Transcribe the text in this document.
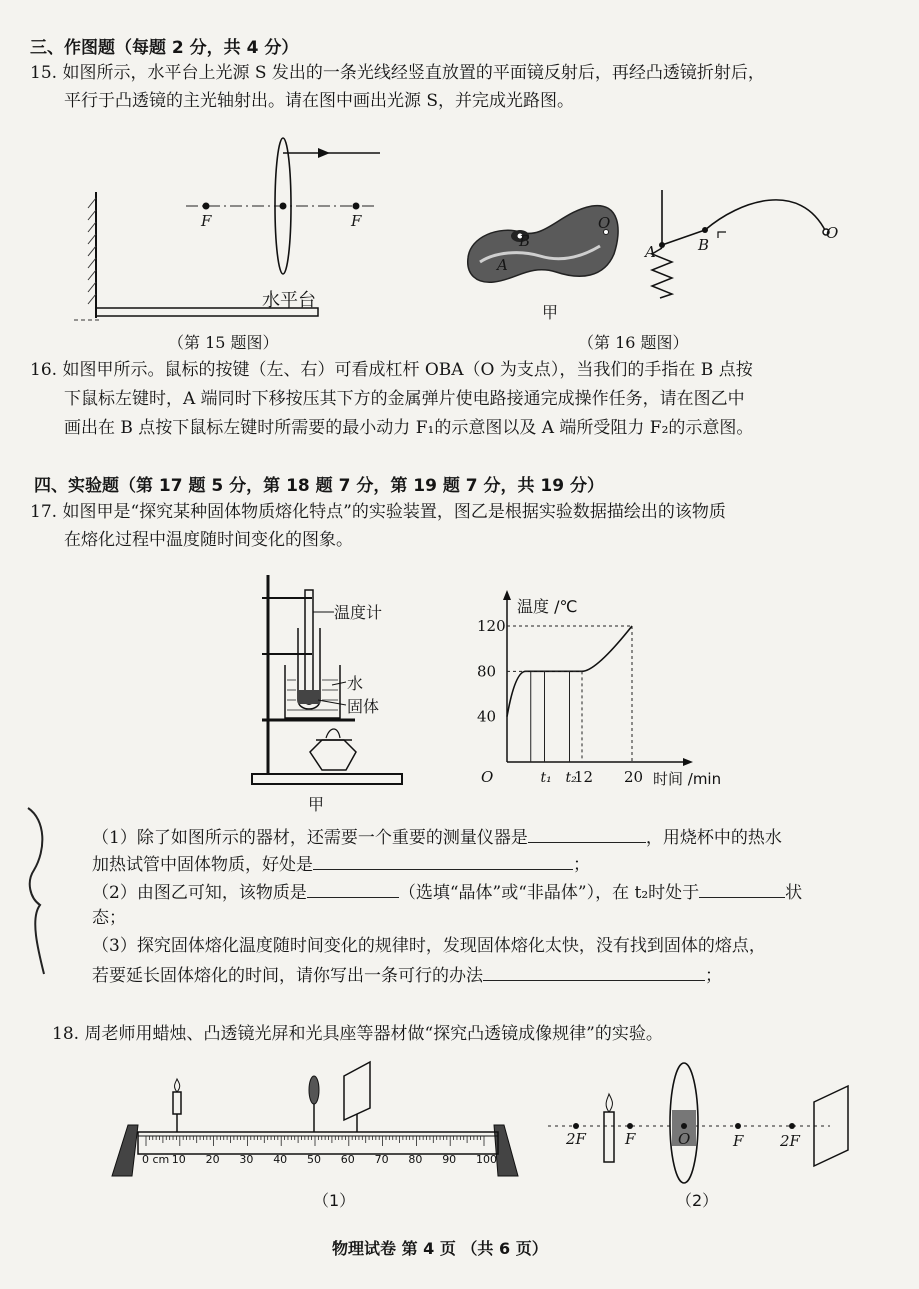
三、作图题（每题 2 分，共 4 分）
15. 如图所示，水平台上光源 S 发出的一条光线经竖直放置的平面镜反射后，再经凸透镜折射后，
平行于凸透镜的主光轴射出。请在图中画出光源 S，并完成光路图。
F	F
水平台
（第 15 题图）
A
B
O
甲
A	B
O
（第 16 题图）
16. 如图甲所示。鼠标的按键（左、右）可看成杠杆 OBA（O 为支点），当我们的手指在 B 点按
下鼠标左键时，A 端同时下移按压其下方的金属弹片使电路接通完成操作任务，请在图乙中
画出在 B 点按下鼠标左键时所需要的最小动力 F₁的示意图以及 A 端所受阻力 F₂的示意图。
四、实验题（第 17 题 5 分，第 18 题 7 分，第 19 题 7 分，共 19 分）
17. 如图甲是“探究某种固体物质熔化特点”的实验装置，图乙是根据实验数据描绘出的该物质
在熔化过程中温度随时间变化的图象。
温度计
水
固体
甲
O
40
80
120
t₁ t₂
12 20
温度 /℃
时间 /min
（1）除了如图所示的器材，还需要一个重要的测量仪器是	，用烧杯中的热水
加热试管中固体物质，好处是	；
（2）由图乙可知，该物质是	（选填“晶体”或“非晶体”），在 t₂时处于	状
态；
（3）探究固体熔化温度随时间变化的规律时，发现固体熔化太快，没有找到固体的熔点，
若要延长固体熔化的时间，请你写出一条可行的办法	；
18. 周老师用蜡烛、凸透镜光屏和光具座等器材做“探究凸透镜成像规律”的实验。
0 cm 10 20 30 40 50 60 70 80 90 100
（1）
2F	F	O	F 2F
（2）
物理试卷 第 4 页 （共 6 页）
